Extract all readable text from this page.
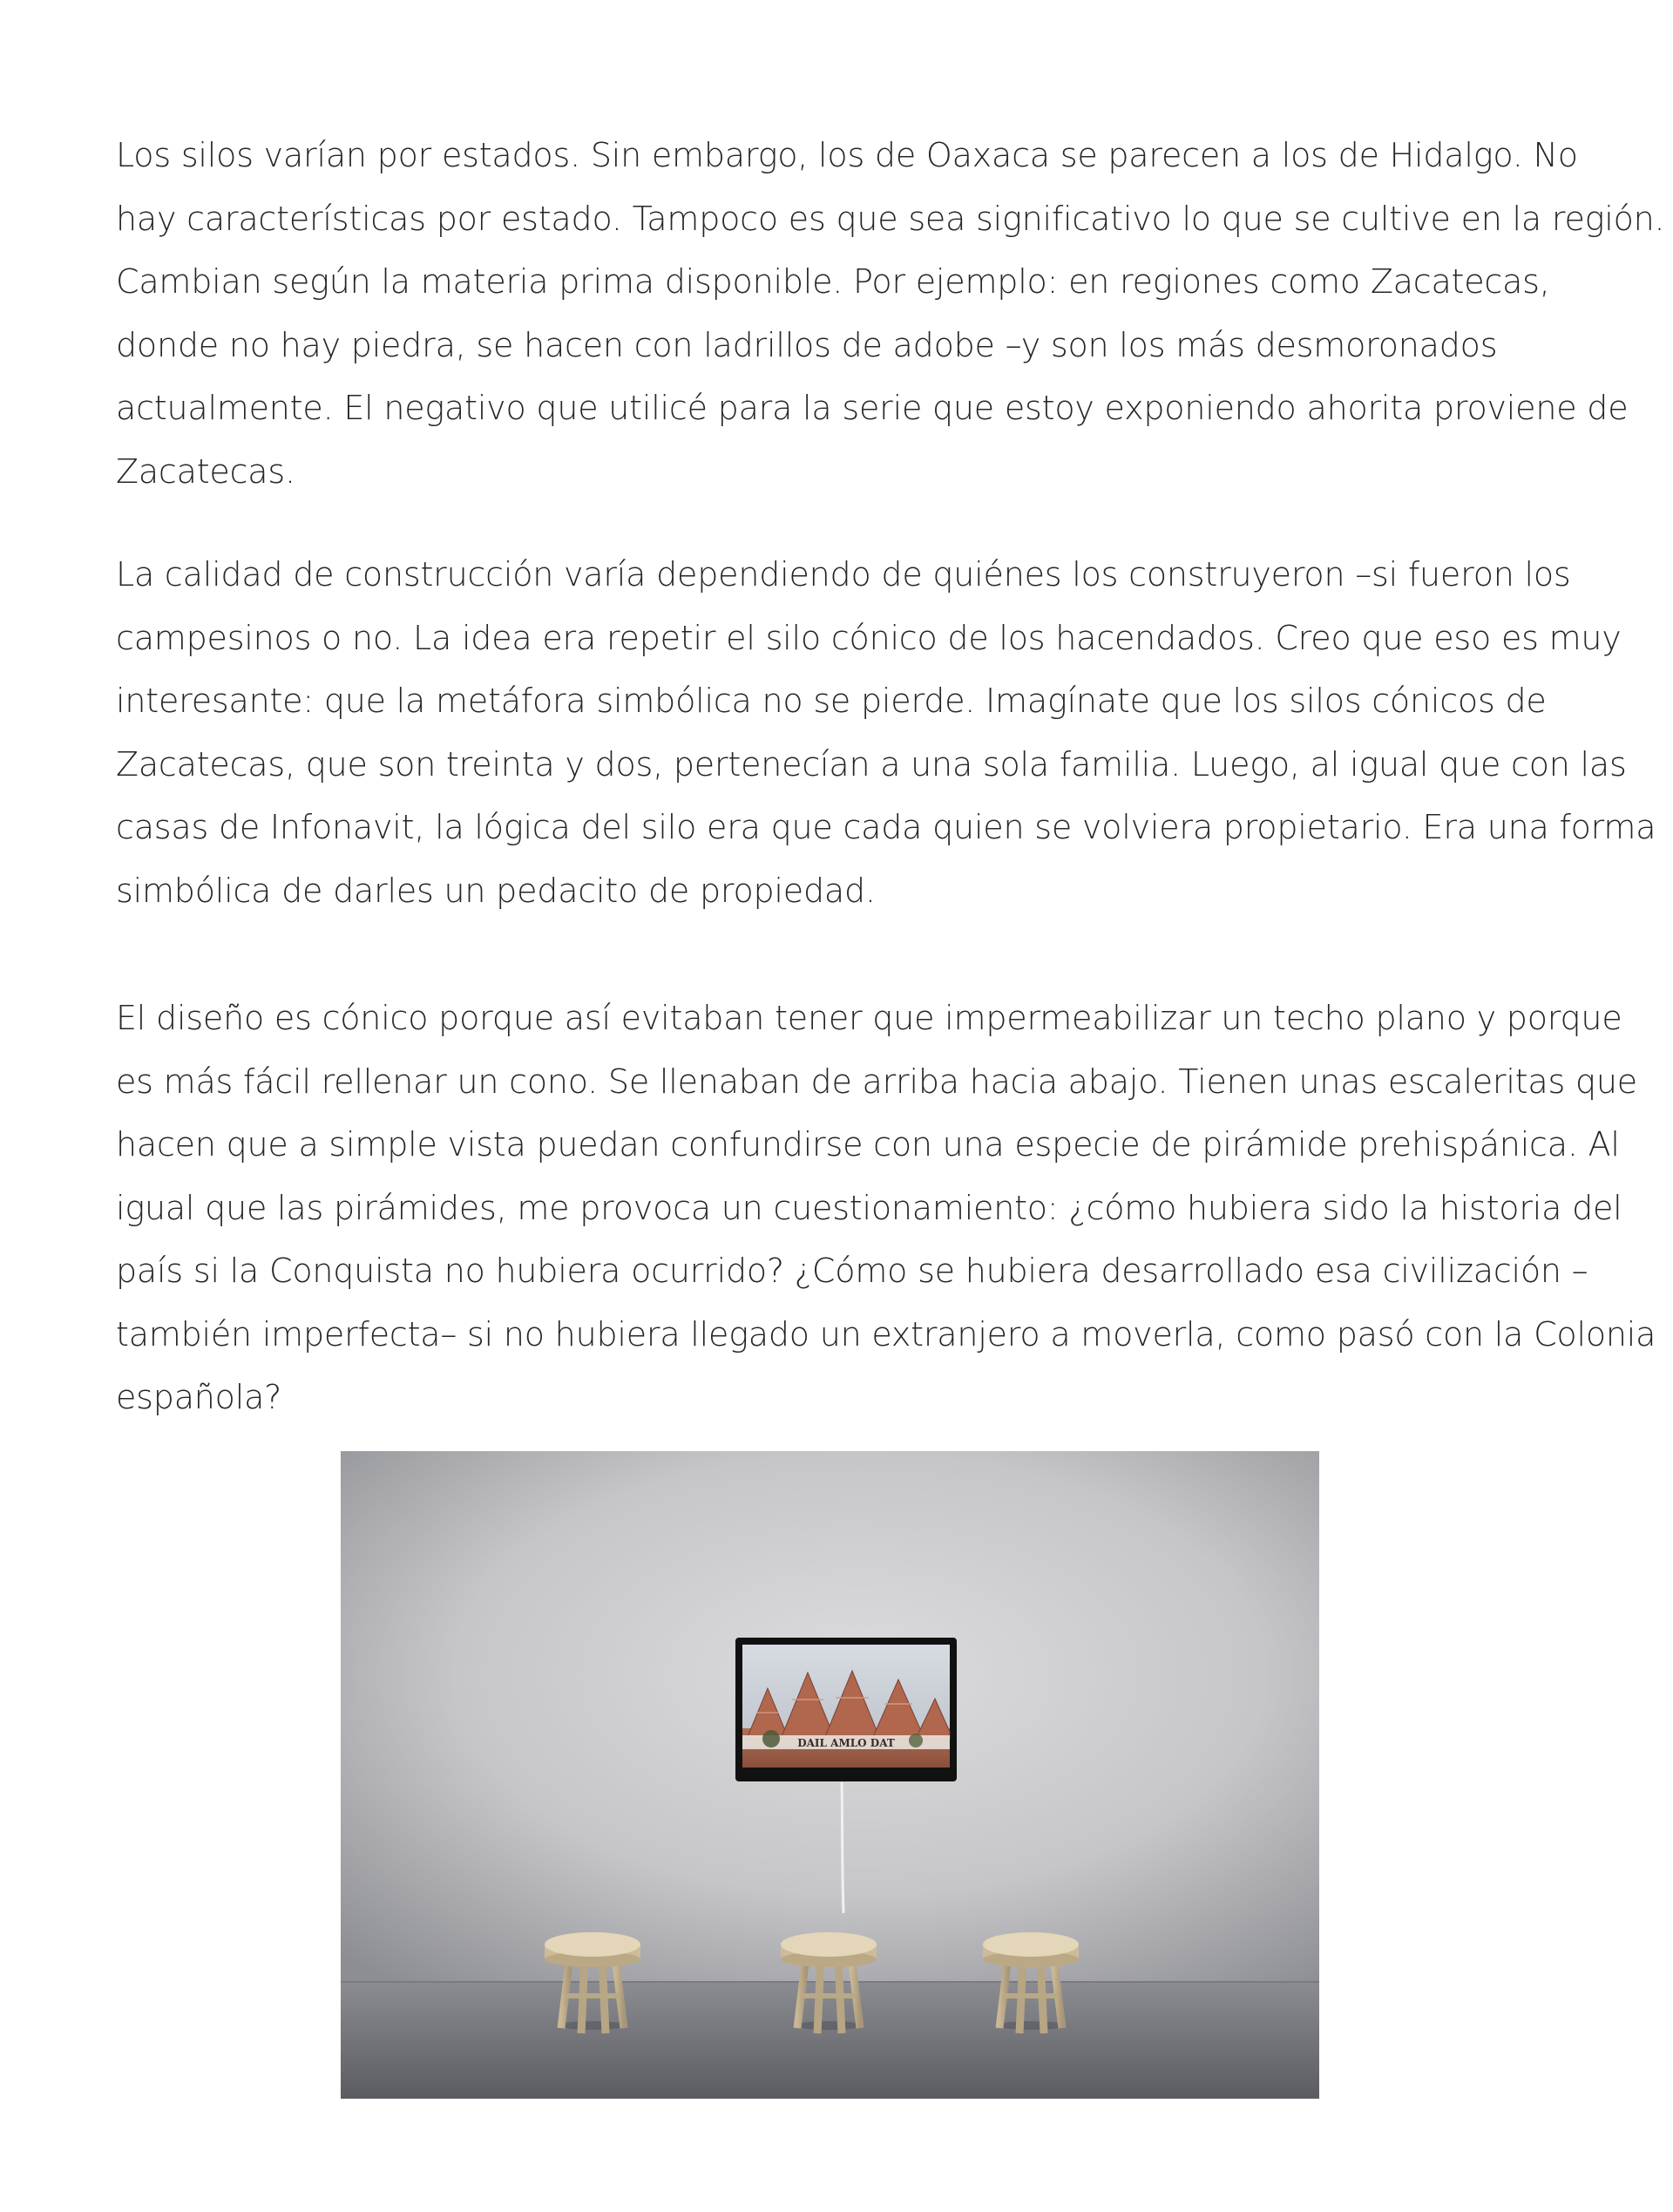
Los silos varían por estados. Sin embargo, los de Oaxaca se parecen a los de Hidalgo. No
hay características por estado. Tampoco es que sea significativo lo que se cultive en la región.
Cambian según la materia prima disponible. Por ejemplo: en regiones como Zacatecas,
donde no hay piedra, se hacen con ladrillos de adobe –y son los más desmoronados
actualmente. El negativo que utilicé para la serie que estoy exponiendo ahorita proviene de
Zacatecas.

La calidad de construcción varía dependiendo de quiénes los construyeron –si fueron los
campesinos o no. La idea era repetir el silo cónico de los hacendados. Creo que eso es muy
interesante: que la metáfora simbólica no se pierde. Imagínate que los silos cónicos de
Zacatecas, que son treinta y dos, pertenecían a una sola familia. Luego, al igual que con las
casas de Infonavit, la lógica del silo era que cada quien se volviera propietario. Era una forma
simbólica de darles un pedacito de propiedad.

El diseño es cónico porque así evitaban tener que impermeabilizar un techo plano y porque
es más fácil rellenar un cono. Se llenaban de arriba hacia abajo. Tienen unas escaleritas que
hacen que a simple vista puedan confundirse con una especie de pirámide prehispánica. Al
igual que las pirámides, me provoca un cuestionamiento: ¿cómo hubiera sido la historia del
país si la Conquista no hubiera ocurrido? ¿Cómo se hubiera desarrollado esa civilización –
también imperfecta– si no hubiera llegado un extranjero a moverla, como pasó con la Colonia
española?

DAIL AMLO DAT
